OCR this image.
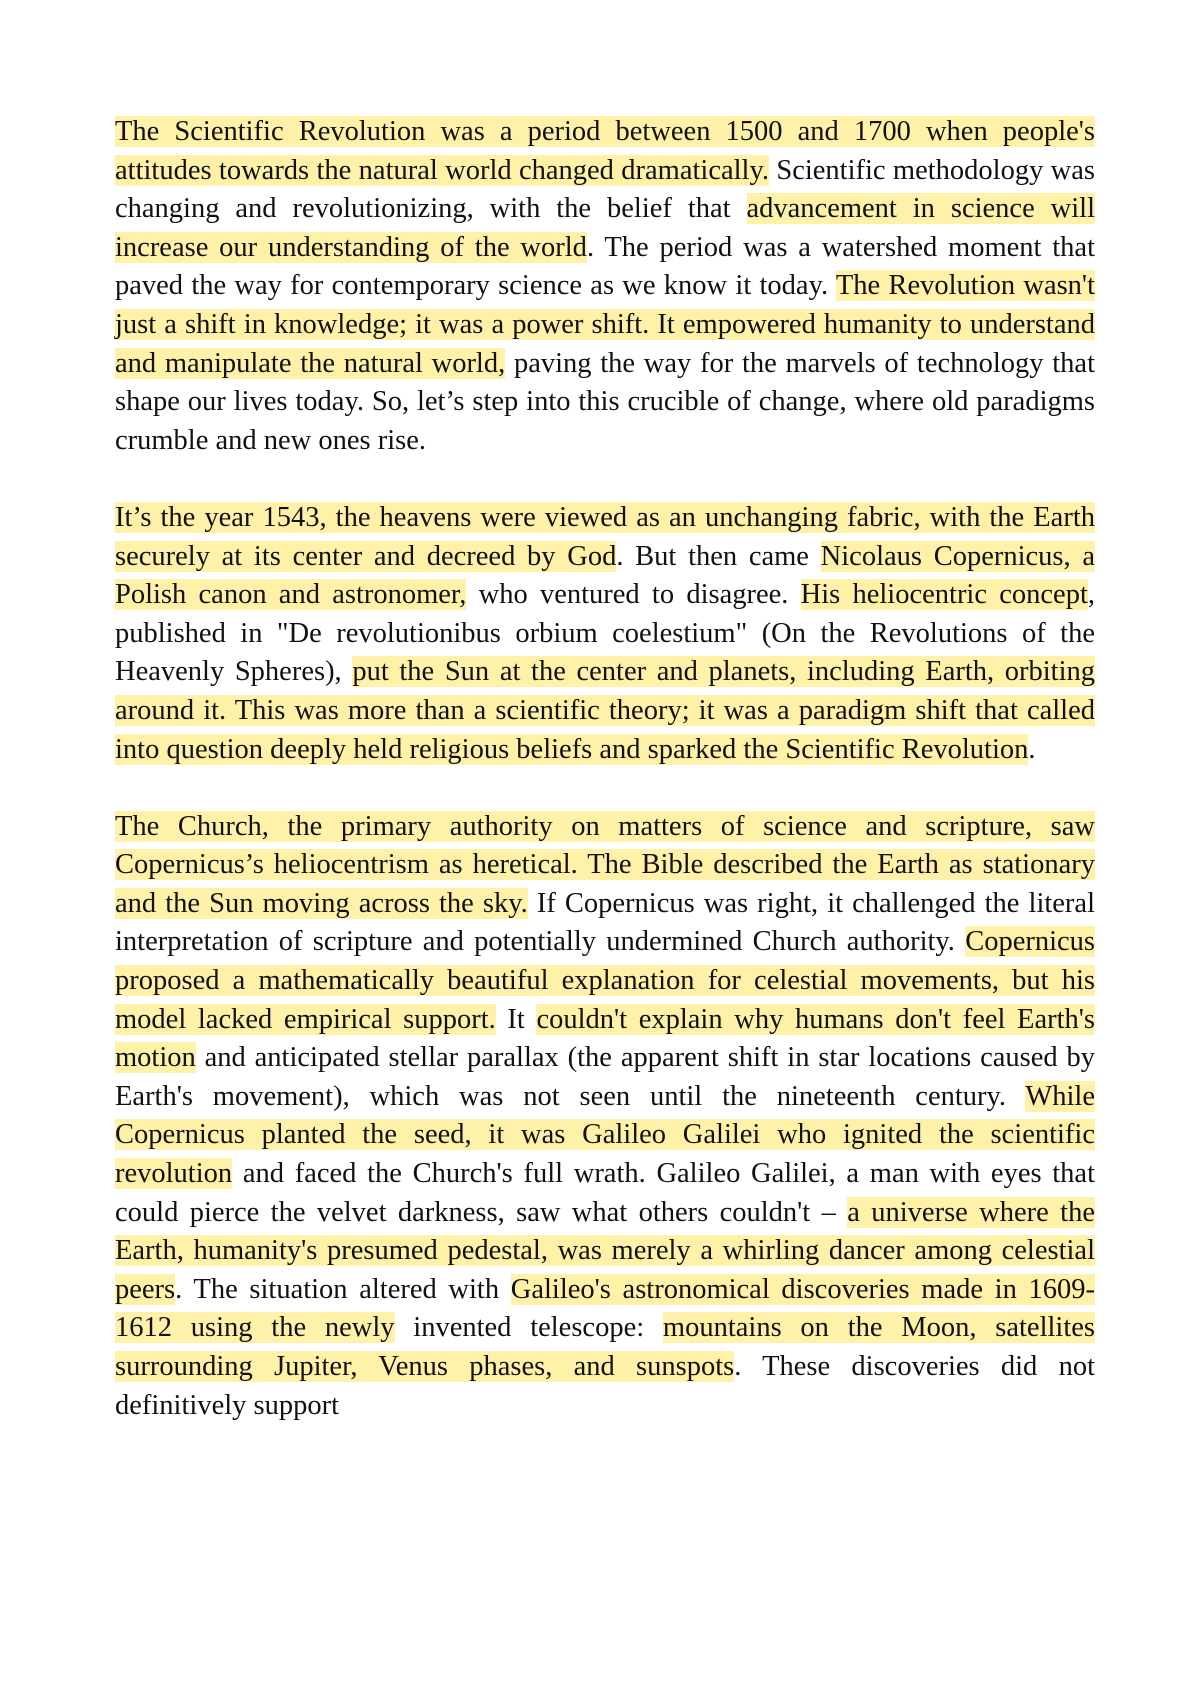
The Scientific Revolution was a period between 1500 and 1700 when people's attitudes towards the natural world changed dramatically. Scientific methodology was changing and revolutionizing, with the belief that advancement in science will increase our understanding of the world. The period was a watershed moment that paved the way for contemporary science as we know it today. The Revolution wasn't just a shift in knowledge; it was a power shift. It empowered humanity to understand and manipulate the natural world, paving the way for the marvels of technology that shape our lives today. So, let’s step into this crucible of change, where old paradigms crumble and new ones rise.

It’s the year 1543, the heavens were viewed as an unchanging fabric, with the Earth securely at its center and decreed by God. But then came Nicolaus Copernicus, a Polish canon and astronomer, who ventured to disagree. His heliocentric concept, published in "De revolutionibus orbium coelestium" (On the Revolutions of the Heavenly Spheres), put the Sun at the center and planets, including Earth, orbiting around it. This was more than a scientific theory; it was a paradigm shift that called into question deeply held religious beliefs and sparked the Scientific Revolution.

The Church, the primary authority on matters of science and scripture, saw Copernicus’s heliocentrism as heretical. The Bible described the Earth as stationary and the Sun moving across the sky. If Copernicus was right, it challenged the literal interpretation of scripture and potentially undermined Church authority. Copernicus proposed a mathematically beautiful explanation for celestial movements, but his model lacked empirical support. It couldn't explain why humans don't feel Earth's motion and anticipated stellar parallax (the apparent shift in star locations caused by Earth's movement), which was not seen until the nineteenth century. While Copernicus planted the seed, it was Galileo Galilei who ignited the scientific revolution and faced the Church's full wrath. Galileo Galilei, a man with eyes that could pierce the velvet darkness, saw what others couldn't – a universe where the Earth, humanity's presumed pedestal, was merely a whirling dancer among celestial peers. The situation altered with Galileo's astronomical discoveries made in 1609-1612 using the newly invented telescope: mountains on the Moon, satellites surrounding Jupiter, Venus phases, and sunspots. These discoveries did not definitively support
